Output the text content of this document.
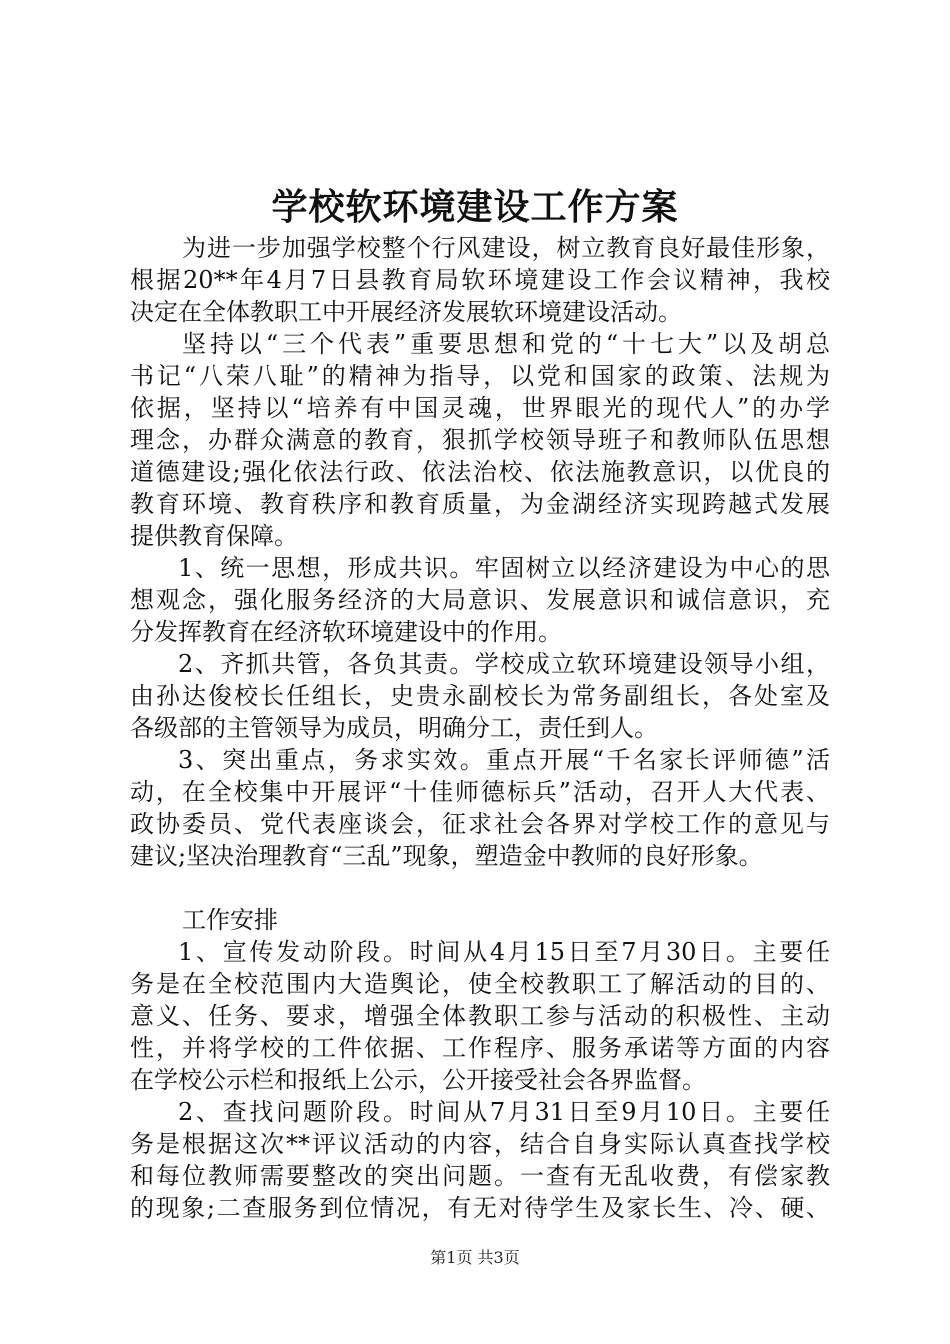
学校软环境建设工作方案
为进一步加强学校整个行风建设，树立教育良好最佳形象，
根据20**年4月7日县教育局软环境建设工作会议精神，我校
决定在全体教职工中开展经济发展软环境建设活动。
坚持以“三个代表”重要思想和党的“十七大”以及胡总
书记“八荣八耻”的精神为指导，以党和国家的政策、法规为
依据，坚持以“培养有中国灵魂，世界眼光的现代人”的办学
理念，办群众满意的教育，狠抓学校领导班子和教师队伍思想
道德建设;强化依法行政、依法治校、依法施教意识，以优良的
教育环境、教育秩序和教育质量，为金湖经济实现跨越式发展
提供教育保障。
1、统一思想，形成共识。牢固树立以经济建设为中心的思
想观念，强化服务经济的大局意识、发展意识和诚信意识，充
分发挥教育在经济软环境建设中的作用。
2、齐抓共管，各负其责。学校成立软环境建设领导小组，
由孙达俊校长任组长，史贵永副校长为常务副组长，各处室及
各级部的主管领导为成员，明确分工，责任到人。
3、突出重点，务求实效。重点开展“千名家长评师德”活
动，在全校集中开展评“十佳师德标兵”活动，召开人大代表、
政协委员、党代表座谈会，征求社会各界对学校工作的意见与
建议;坚决治理教育“三乱”现象，塑造金中教师的良好形象。
工作安排
1、宣传发动阶段。时间从4月15日至7月30日。主要任
务是在全校范围内大造舆论，使全校教职工了解活动的目的、
意义、任务、要求，增强全体教职工参与活动的积极性、主动
性，并将学校的工件依据、工作程序、服务承诺等方面的内容
在学校公示栏和报纸上公示，公开接受社会各界监督。
2、查找问题阶段。时间从7月31日至9月10日。主要任
务是根据这次**评议活动的内容，结合自身实际认真查找学校
和每位教师需要整改的突出问题。一查有无乱收费，有偿家教
的现象;二查服务到位情况，有无对待学生及家长生、冷、硬、
第1页 共3页
